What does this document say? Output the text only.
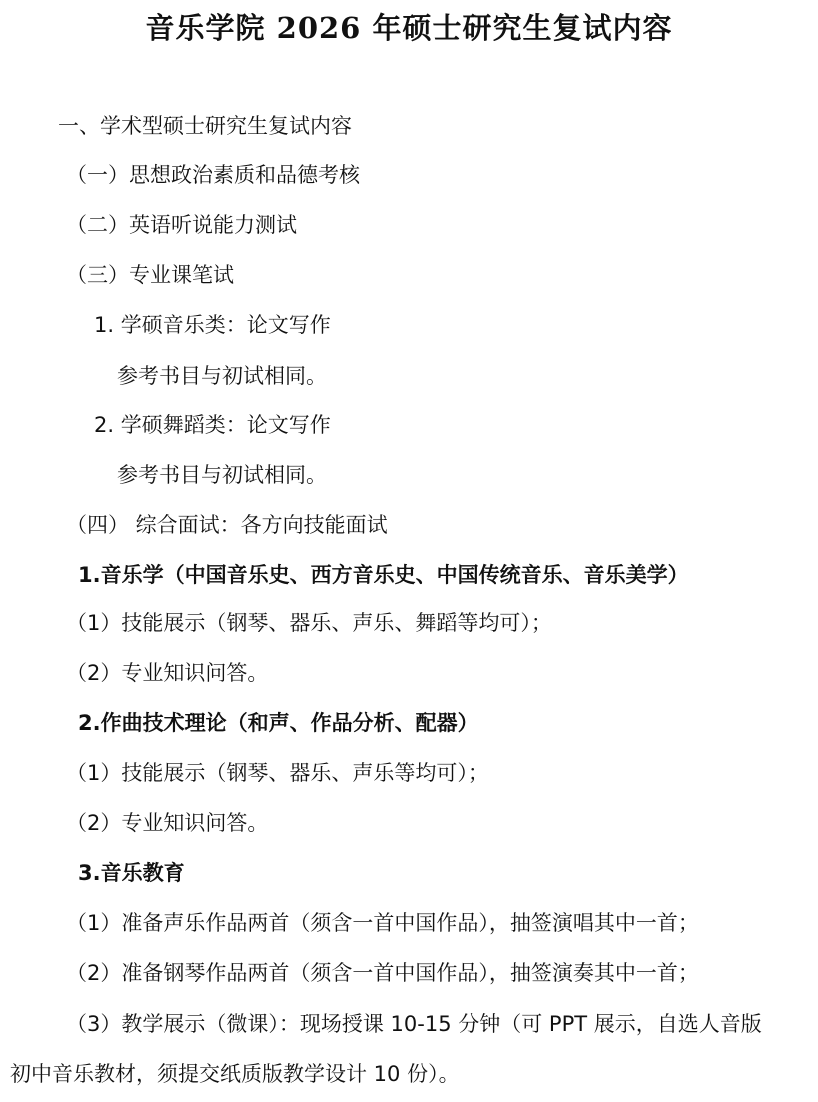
音乐学院 2026 年硕士研究生复试内容
一、学术型硕士研究生复试内容
（一）思想政治素质和品德考核
（二）英语听说能力测试
（三）专业课笔试
1. 学硕音乐类：论文写作
参考书目与初试相同。
2. 学硕舞蹈类：论文写作
参考书目与初试相同。
（四） 综合面试：各方向技能面试
1.音乐学（中国音乐史、西方音乐史、中国传统音乐、音乐美学）
（1）技能展示（钢琴、器乐、声乐、舞蹈等均可）；
（2）专业知识问答。
2.作曲技术理论（和声、作品分析、配器）
（1）技能展示（钢琴、器乐、声乐等均可）；
（2）专业知识问答。
3.音乐教育
（1）准备声乐作品两首（须含一首中国作品），抽签演唱其中一首；
（2）准备钢琴作品两首（须含一首中国作品），抽签演奏其中一首；
（3）教学展示（微课）：现场授课 10-15 分钟（可 PPT 展示，自选人音版
初中音乐教材，须提交纸质版教学设计 10 份）。
